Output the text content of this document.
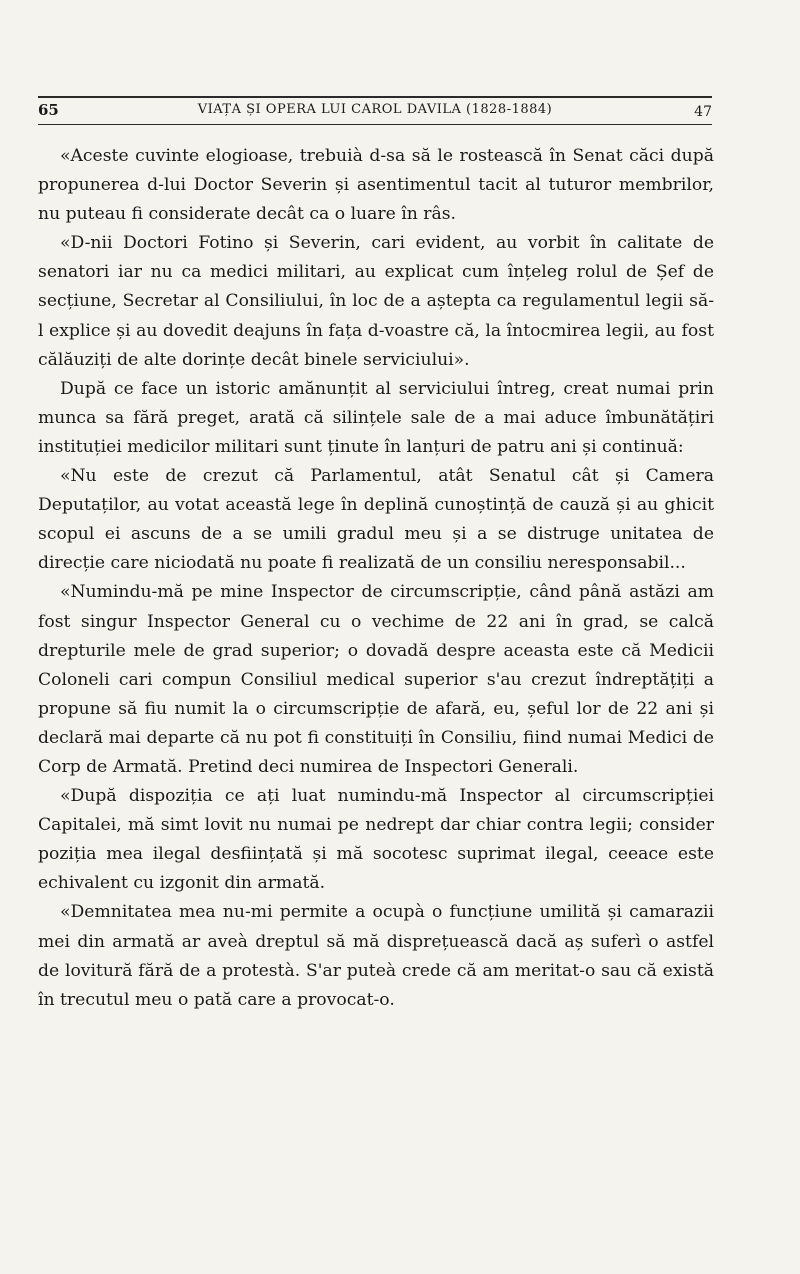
65	VIAȚA ȘI OPERA LUI CAROL DAVILA (1828-1884)	47

«Aceste cuvinte elogioase, trebuià d-sa să le rostească în Senat căci după propunerea d-lui Doctor Severin și asentimentul tacit al tuturor membrilor, nu puteau fi considerate decât ca o luare în râs.

«D-nii Doctori Fotino și Severin, cari evident, au vorbit în calitate de senatori iar nu ca medici militari, au explicat cum înțeleg rolul de Șef de secțiune, Secretar al Consiliului, în loc de a aștepta ca regulamentul legii să-l explice și au dovedit deajuns în fața d-voastre că, la întocmirea legii, au fost călăuziți de alte dorințe decât binele serviciului».

După ce face un istoric amănunțit al serviciului întreg, creat numai prin munca sa fără preget, arată că silințele sale de a mai aduce îmbunătățiri instituției medicilor militari sunt ținute în lanțuri de patru ani și continuă:

«Nu este de crezut că Parlamentul, atât Senatul cât și Camera Deputaților, au votat această lege în deplină cunoștință de cauză și au ghicit scopul ei ascuns de a se umili gradul meu și a se distruge unitatea de direcție care niciodată nu poate fi realizată de un consiliu neresponsabil...

«Numindu-mă pe mine Inspector de circumscripție, când până astăzi am fost singur Inspector General cu o vechime de 22 ani în grad, se calcă drepturile mele de grad superior; o dovadă despre aceasta este că Medicii Coloneli cari compun Consiliul medical superior s'au crezut îndreptățiți a propune să fiu numit la o circumscripție de afară, eu, șeful lor de 22 ani și declară mai departe că nu pot fi constituiți în Consiliu, fiind numai Medici de Corp de Armată. Pretind deci numirea de Inspectori Generali.

«După dispoziția ce ați luat numindu-mă Inspector al circumscripției Capitalei, mă simt lovit nu numai pe nedrept dar chiar contra legii; consider poziția mea ilegal desființată și mă socotesc suprimat ilegal, ceeace este echivalent cu izgonit din armată.

«Demnitatea mea nu-mi permite a ocupà o funcțiune umilită și camarazii mei din armată ar aveà dreptul să mă disprețuească dacă aș suferì o astfel de lovitură fără de a protestà. S'ar puteà crede că am meritat-o sau că există în trecutul meu o pată care a provocat-o.
